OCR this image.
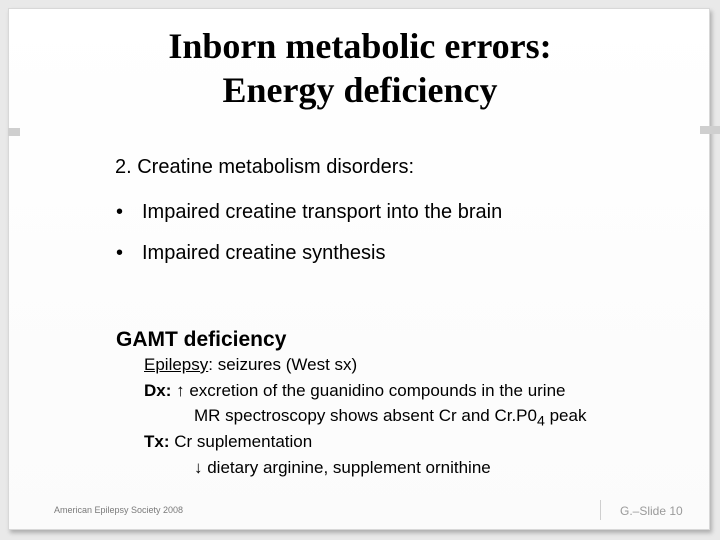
Inborn metabolic errors:
Energy deficiency
2. Creatine metabolism disorders:
• Impaired creatine transport into the brain
• Impaired creatine synthesis
GAMT deficiency
Epilepsy: seizures (West sx)
Dx: ↑ excretion of the guanidino compounds in the urine
MR spectroscopy shows absent Cr and $Cr.P0_4$ peak
Tx: Cr suplementation
↓ dietary arginine, supplement ornithine
American Epilepsy Society 2008	G.–Slide 10
